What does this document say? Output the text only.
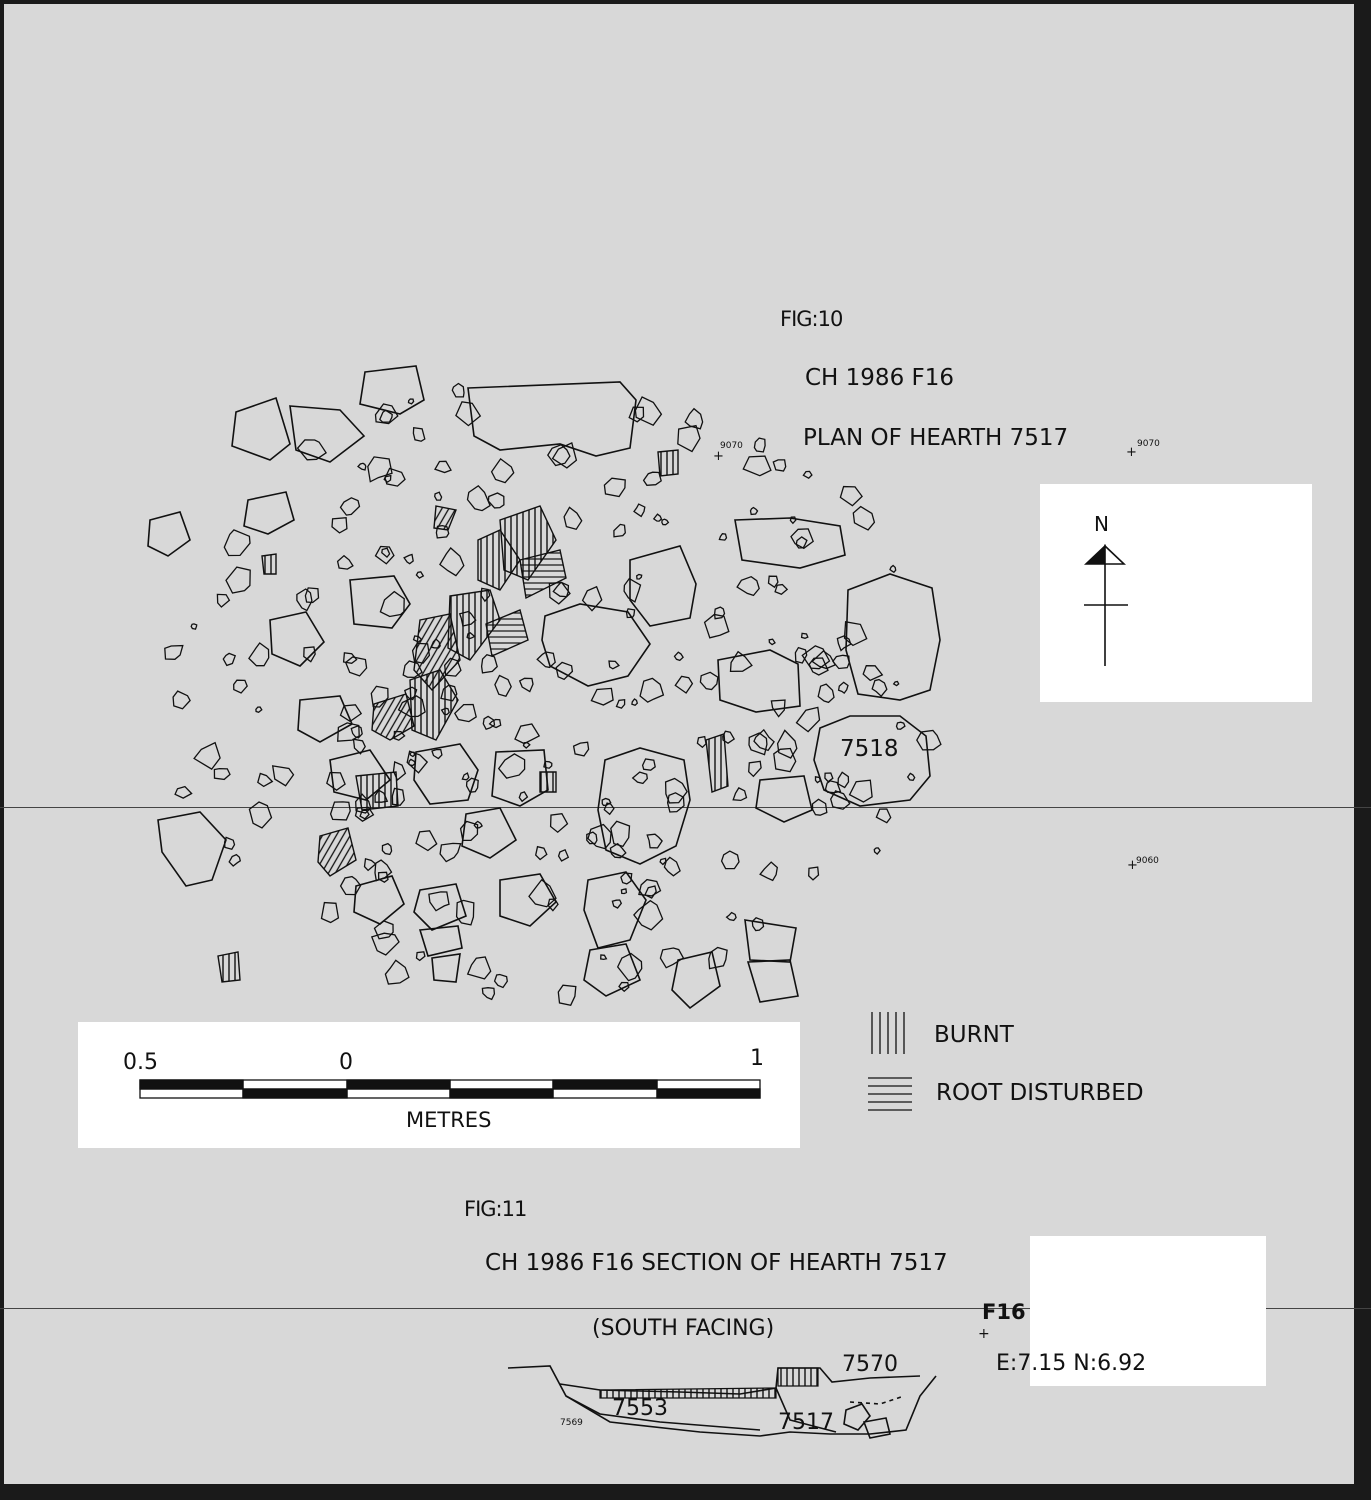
FIG:10
CH 1986 F16
PLAN OF HEARTH 7517
9070	9070
9060
+	+
+
N
7518
0.5	0	1
METRES
BURNT
ROOT DISTURBED
FIG:11
CH 1986 F16 SECTION OF HEARTH 7517
(SOUTH FACING)
F16
+
E:7.15 N:6.92
7570
7553
7517
7569
